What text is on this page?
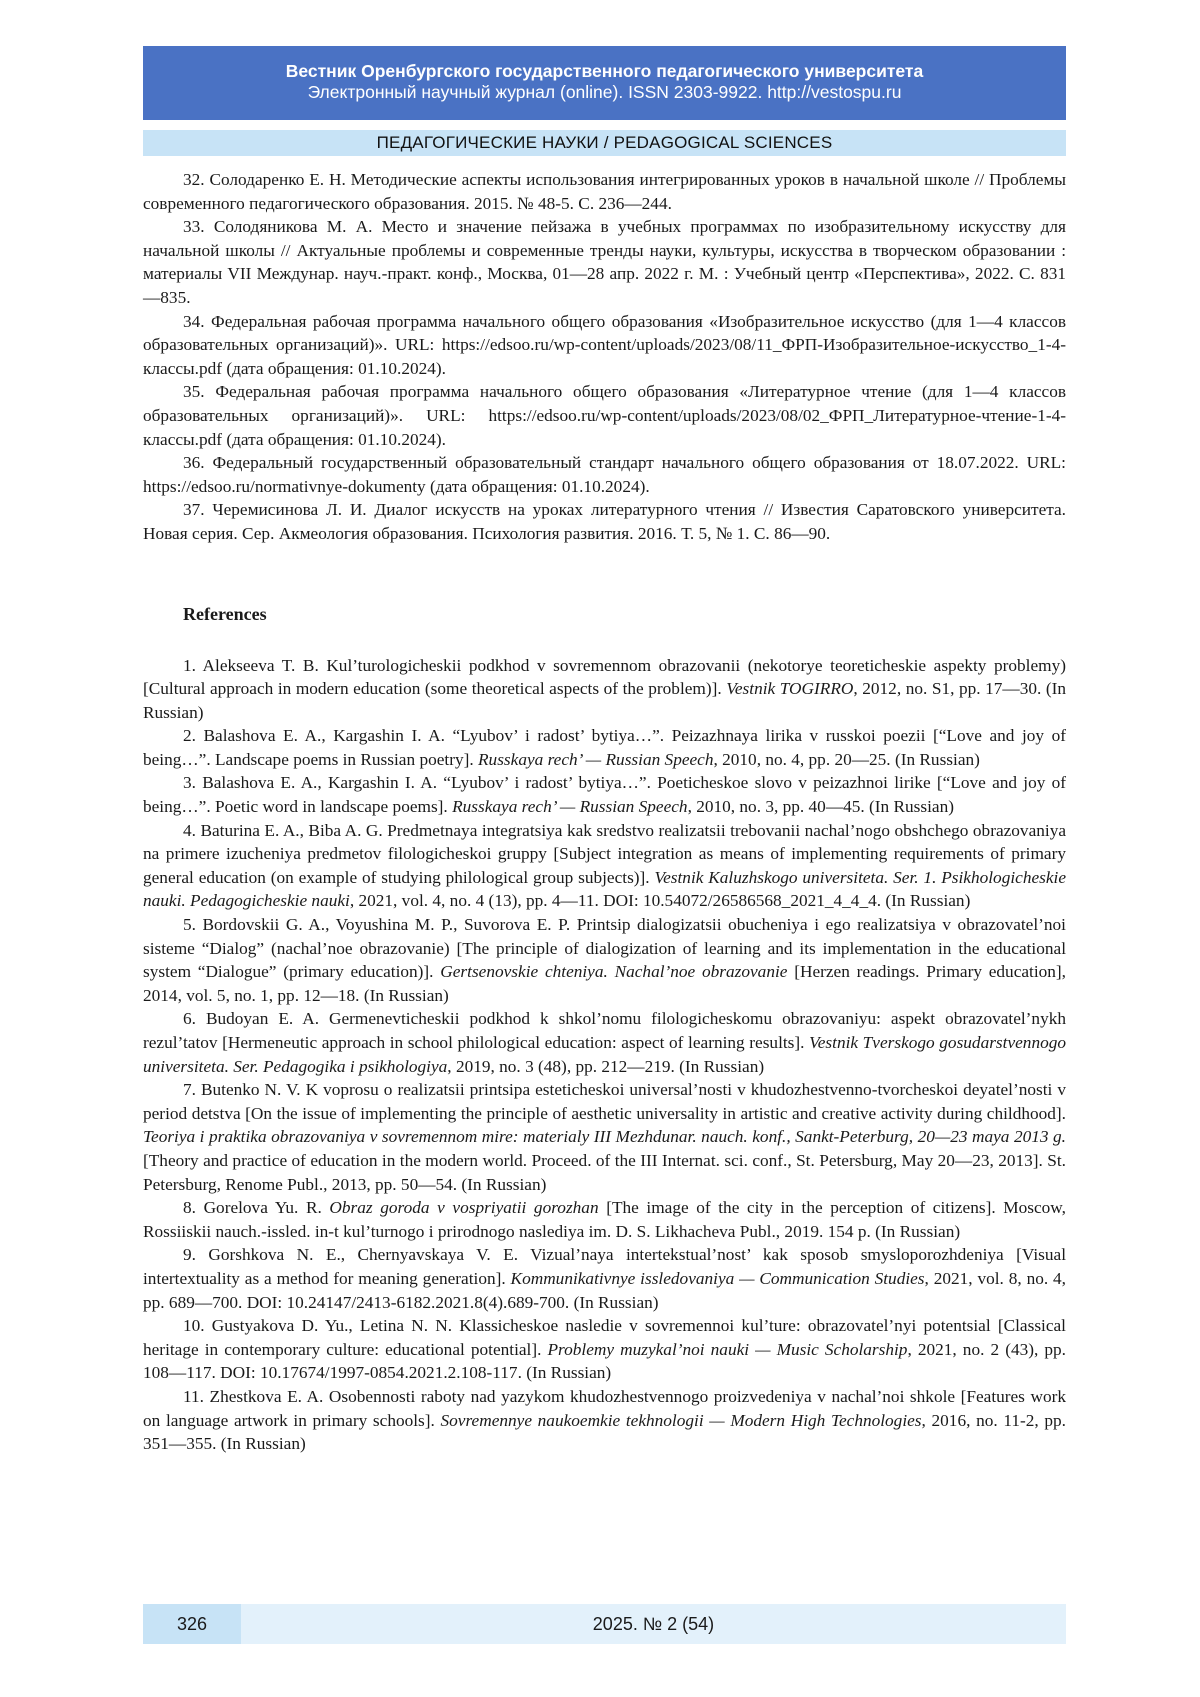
Вестник Оренбургского государственного педагогического университета
Электронный научный журнал (online). ISSN 2303-9922. http://vestospu.ru
ПЕДАГОГИЧЕСКИЕ НАУКИ / PEDAGOGICAL SCIENCES

32. Солодаренко Е. Н. Методические аспекты использования интегрированных уроков в начальной школе // Проблемы современного педагогического образования. 2015. № 48-5. С. 236—244.

33. Солодяникова М. А. Место и значение пейзажа в учебных программах по изобразительному искусству для начальной школы // Актуальные проблемы и современные тренды науки, культуры, искусства в творческом образовании : материалы VII Междунар. науч.-практ. конф., Москва, 01—28 апр. 2022 г. М. : Учебный центр «Перспектива», 2022. С. 831—835.

34. Федеральная рабочая программа начального общего образования «Изобразительное искусство (для 1—4 классов образовательных организаций)». URL: https://edsoo.ru/wp-content/uploads/2023/08/11_ФРП-Изобразительное-искусство_1-4-классы.pdf (дата обращения: 01.10.2024).

35. Федеральная рабочая программа начального общего образования «Литературное чтение (для 1—4 классов образовательных организаций)». URL: https://edsoo.ru/wp-content/uploads/2023/08/02_ФРП_Литературное-чтение-1-4-классы.pdf (дата обращения: 01.10.2024).

36. Федеральный государственный образовательный стандарт начального общего образования от 18.07.2022. URL: https://edsoo.ru/normativnye-dokumenty (дата обращения: 01.10.2024).

37. Черемисинова Л. И. Диалог искусств на уроках литературного чтения // Известия Саратовского университета. Новая серия. Сер. Акмеология образования. Психология развития. 2016. Т. 5, № 1. С. 86—90.

References

1. Alekseeva T. B. Kul’turologicheskii podkhod v sovremennom obrazovanii (nekotorye teoreticheskie aspekty problemy) [Cultural approach in modern education (some theoretical aspects of the problem)]. Vestnik TOGIRRO, 2012, no. S1, pp. 17—30. (In Russian)

2. Balashova E. A., Kargashin I. A. “Lyubov’ i radost’ bytiya…”. Peizazhnaya lirika v russkoi poezii [“Love and joy of being…”. Landscape poems in Russian poetry]. Russkaya rech’ — Russian Speech, 2010, no. 4, pp. 20—25. (In Russian)

3. Balashova E. A., Kargashin I. A. “Lyubov’ i radost’ bytiya…”. Poeticheskoe slovo v peizazhnoi lirike [“Love and joy of being…”. Poetic word in landscape poems]. Russkaya rech’ — Russian Speech, 2010, no. 3, pp. 40—45. (In Russian)

4. Baturina E. A., Biba A. G. Predmetnaya integratsiya kak sredstvo realizatsii trebovanii nachal’nogo obshchego obrazovaniya na primere izucheniya predmetov filologicheskoi gruppy [Subject integration as means of implementing requirements of primary general education (on example of studying philological group subjects)]. Vestnik Kaluzhskogo universiteta. Ser. 1. Psikhologicheskie nauki. Pedagogicheskie nauki, 2021, vol. 4, no. 4 (13), pp. 4—11. DOI: 10.54072/26586568_2021_4_4_4. (In Russian)

5. Bordovskii G. A., Voyushina M. P., Suvorova E. P. Printsip dialogizatsii obucheniya i ego realizatsiya v obrazovatel’noi sisteme “Dialog” (nachal’noe obrazovanie) [The principle of dialogization of learning and its implementation in the educational system “Dialogue” (primary education)]. Gertsenovskie chteniya. Nachal’noe obrazovanie [Herzen readings. Primary education], 2014, vol. 5, no. 1, pp. 12—18. (In Russian)

6. Budoyan E. A. Germenevticheskii podkhod k shkol’nomu filologicheskomu obrazovaniyu: aspekt obrazovatel’nykh rezul’tatov [Hermeneutic approach in school philological education: aspect of learning results]. Vestnik Tverskogo gosudarstvennogo universiteta. Ser. Pedagogika i psikhologiya, 2019, no. 3 (48), pp. 212—219. (In Russian)

7. Butenko N. V. K voprosu o realizatsii printsipa esteticheskoi universal’nosti v khudozhestvenno-tvorcheskoi deyatel’nosti v period detstva [On the issue of implementing the principle of aesthetic universality in artistic and creative activity during childhood]. Teoriya i praktika obrazovaniya v sovremennom mire: materialy III Mezhdunar. nauch. konf., Sankt-Peterburg, 20—23 maya 2013 g. [Theory and practice of education in the modern world. Proceed. of the III Internat. sci. conf., St. Petersburg, May 20—23, 2013]. St. Petersburg, Renome Publ., 2013, pp. 50—54. (In Russian)

8. Gorelova Yu. R. Obraz goroda v vospriyatii gorozhan [The image of the city in the perception of citizens]. Moscow, Rossiiskii nauch.-issled. in-t kul’turnogo i prirodnogo naslediya im. D. S. Likhacheva Publ., 2019. 154 p. (In Russian)

9. Gorshkova N. E., Chernyavskaya V. E. Vizual’naya intertekstual’nost’ kak sposob smysloporozhdeniya [Visual intertextuality as a method for meaning generation]. Kommunikativnye issledovaniya — Communication Studies, 2021, vol. 8, no. 4, pp. 689—700. DOI: 10.24147/2413-6182.2021.8(4).689-700. (In Russian)

10. Gustyakova D. Yu., Letina N. N. Klassicheskoe nasledie v sovremennoi kul’ture: obrazovatel’nyi potentsial [Classical heritage in contemporary culture: educational potential]. Problemy muzykal’noi nauki — Music Scholarship, 2021, no. 2 (43), pp. 108—117. DOI: 10.17674/1997-0854.2021.2.108-117. (In Russian)

11. Zhestkova E. A. Osobennosti raboty nad yazykom khudozhestvennogo proizvedeniya v nachal’noi shkole [Features work on language artwork in primary schools]. Sovremennye naukoemkie tekhnologii — Modern High Technologies, 2016, no. 11-2, pp. 351—355. (In Russian)

326	2025. № 2 (54)
